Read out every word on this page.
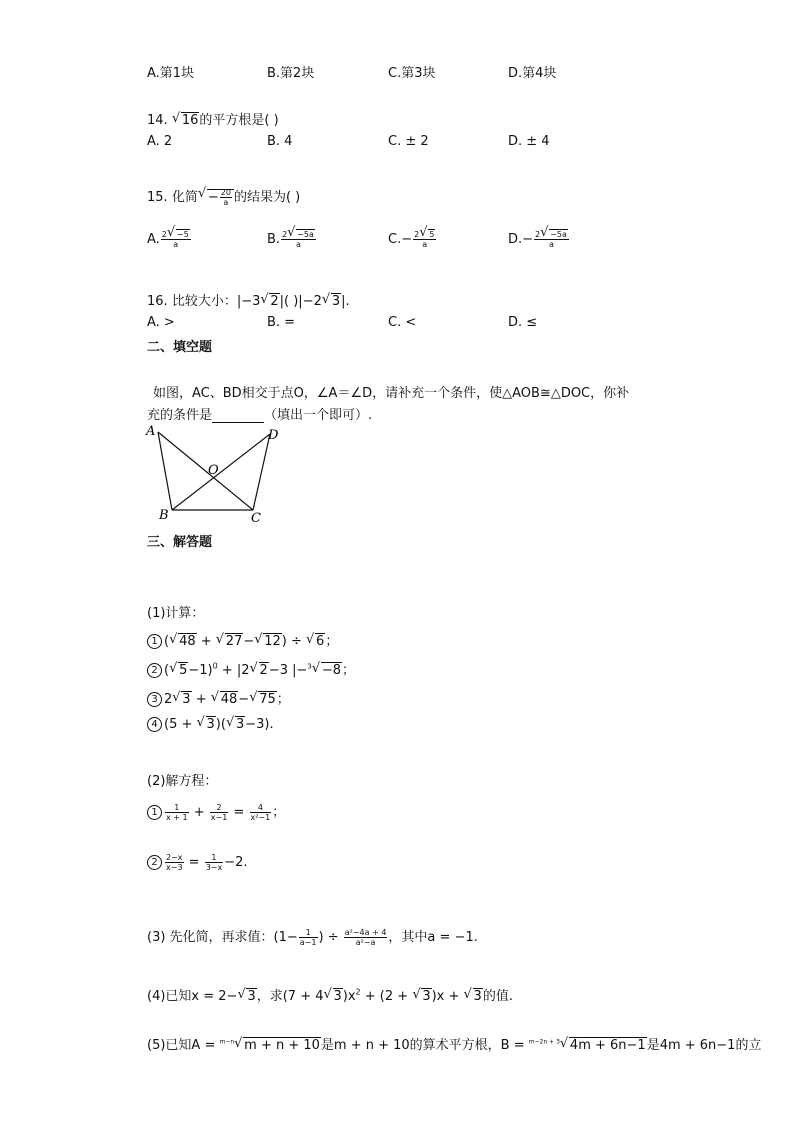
A.第1块	B.第2块	C.第3块	D.第4块
14. √ 16的平方根是( )
A. 2	B. 4	C. ± 2	D. ± 4
15. 化简 √ − $\frac{20}{a}$ 的结果为( )
A. $\frac{2 √ -5}{a}$	B. $\frac{2 √ -5a}{a}$	$C.- \frac{2 √ 5}{a}$	$D.- \frac{2 √ -5a}{a}$
16. 比较大小：|−3 √ 2|( )|−2 √ 3|.
A. >	B. =	C. <	D. ≤
二、填空题
如图，AC、BD相交于点O，∠A＝∠D，请补充一个条件，使△AOB≅△DOC，你补
充的条件是	（填出一个即可）.
A	D
O
B	C
三、解答题
(1)计算：
1 ( √ 48 + √ 27− √ 12) ÷ √ 6；
2 ( √ 5−1)$^0$ + |2 √ 2−3 |−$^3$ √ −8；
3 2 √ 3 + √ 48− √ 75；
4 (5 + √ 3)( √ 3−3).
(2)解方程：
$1 \frac{1}{x + 1} + \frac{2}{x-1} = \frac{4}{\text{x²−1}}$ ；
$2 \frac{2-x}{x-3} = \frac{1}{3-x} -2$.
(3) 先化简，再求值：($1- \frac{1}{a-1}$ ) ÷ $\frac{\text{a²−4a + 4}}{\text{a²−a}}$ ，其中a = −1.
(4)已知x = 2− √ 3，求(7 + 4 √ $3)x^2 + (2$ + √ 3)x + √ 3的值.
(5)已知A = $^{m-n}$ √ m + n + 10是m + n + 10的算术平方根，B = $^{m-2n + 3}$ √ 4m + 6n−1是4m + 6n−1的立
